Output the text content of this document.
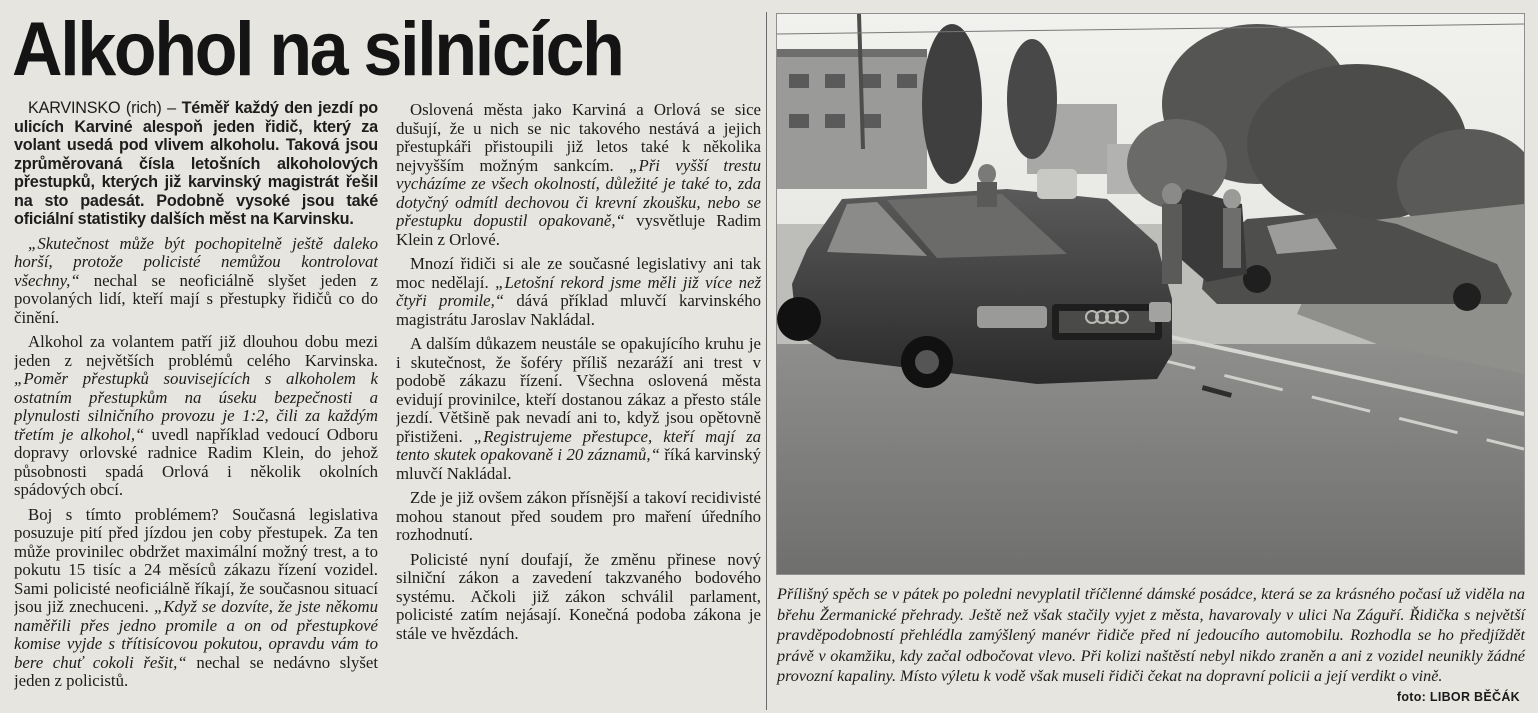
Alkohol na silnicích

KARVINSKO (rich) – Téměř každý den jezdí po ulicích Karviné alespoň jeden řidič, který za volant usedá pod vlivem alkoholu. Taková jsou zprůměrovaná čísla letošních alkoholových přestupků, kterých již karvinský magistrát řešil na sto padesát. Podobně vysoké jsou také oficiální statistiky dalších měst na Karvinsku.

„Skutečnost může být pochopitelně ještě daleko horší, protože policisté nemůžou kontrolovat všechny,“ nechal se neoficiálně slyšet jeden z povolaných lidí, kteří mají s přestupky řidičů co do činění.

Alkohol za volantem patří již dlouhou dobu mezi jeden z největších problémů celého Karvinska. „Poměr přestupků souvisejících s alkoholem k ostatním přestupkům na úseku bezpečnosti a plynulosti silničního provozu je 1:2, čili za každým třetím je alkohol,“ uvedl například vedoucí Odboru dopravy orlovské radnice Radim Klein, do jehož působnosti spadá Orlová i několik okolních spádových obcí.

Boj s tímto problémem? Současná legislativa posuzuje pití před jízdou jen coby přestupek. Za ten může provinilec obdržet maximální možný trest, a to pokutu 15 tisíc a 24 měsíců zákazu řízení vozidel. Sami policisté neoficiálně říkají, že současnou situací jsou již znechuceni. „Když se dozvíte, že jste někomu naměřili přes jedno promile a on od přestupkové komise vyjde s třítisícovou pokutou, opravdu vám to bere chuť cokoli řešit,“ nechal se nedávno slyšet jeden z policistů.

Oslovená města jako Karviná a Orlová se sice dušují, že u nich se nic takového nestává a jejich přestupkáři přistoupili již letos také k několika nejvyšším možným sankcím. „Při vyšší trestu vycházíme ze všech okolností, důležité je také to, zda dotyčný odmítl dechovou či krevní zkoušku, nebo se přestupku dopustil opakovaně,“ vysvětluje Radim Klein z Orlové.

Mnozí řidiči si ale ze současné legislativy ani tak moc nedělají. „Letošní rekord jsme měli již více než čtyři promile,“ dává příklad mluvčí karvinského magistrátu Jaroslav Nakládal.

A dalším důkazem neustále se opakujícího kruhu je i skutečnost, že šoféry příliš nezaráží ani trest v podobě zákazu řízení. Všechna oslovená města evidují provinilce, kteří dostanou zákaz a přesto stále jezdí. Většině pak nevadí ani to, když jsou opětovně přistiženi. „Registrujeme přestupce, kteří mají za tento skutek opakovaně i 20 záznamů,“ říká karvinský mluvčí Nakládal.

Zde je již ovšem zákon přísnější a takoví recidivisté mohou stanout před soudem pro maření úředního rozhodnutí.

Policisté nyní doufají, že změnu přinese nový silniční zákon a zavedení takzvaného bodového systému. Ačkoli již zákon schválil parlament, policisté zatím nejásají. Konečná podoba zákona je stále ve hvězdách.

Přílišný spěch se v pátek po poledni nevyplatil tříčlenné dámské posádce, která se za krásného počasí už viděla na břehu Žermanické přehrady. Ještě než však stačily vyjet z města, havarovaly v ulici Na Záguří. Řidička s největší pravděpodobností přehlédla zamýšlený manévr řidiče před ní jedoucího automobilu. Rozhodla se ho předjíždět právě v okamžiku, kdy začal odbočovat vlevo. Při kolizi naštěstí nebyl nikdo zraněn a ani z vozidel neunikly žádné provozní kapaliny. Místo výletu k vodě však museli řidiči čekat na dopravní policii a její verdikt o vině.

foto: LIBOR BĚČÁK
